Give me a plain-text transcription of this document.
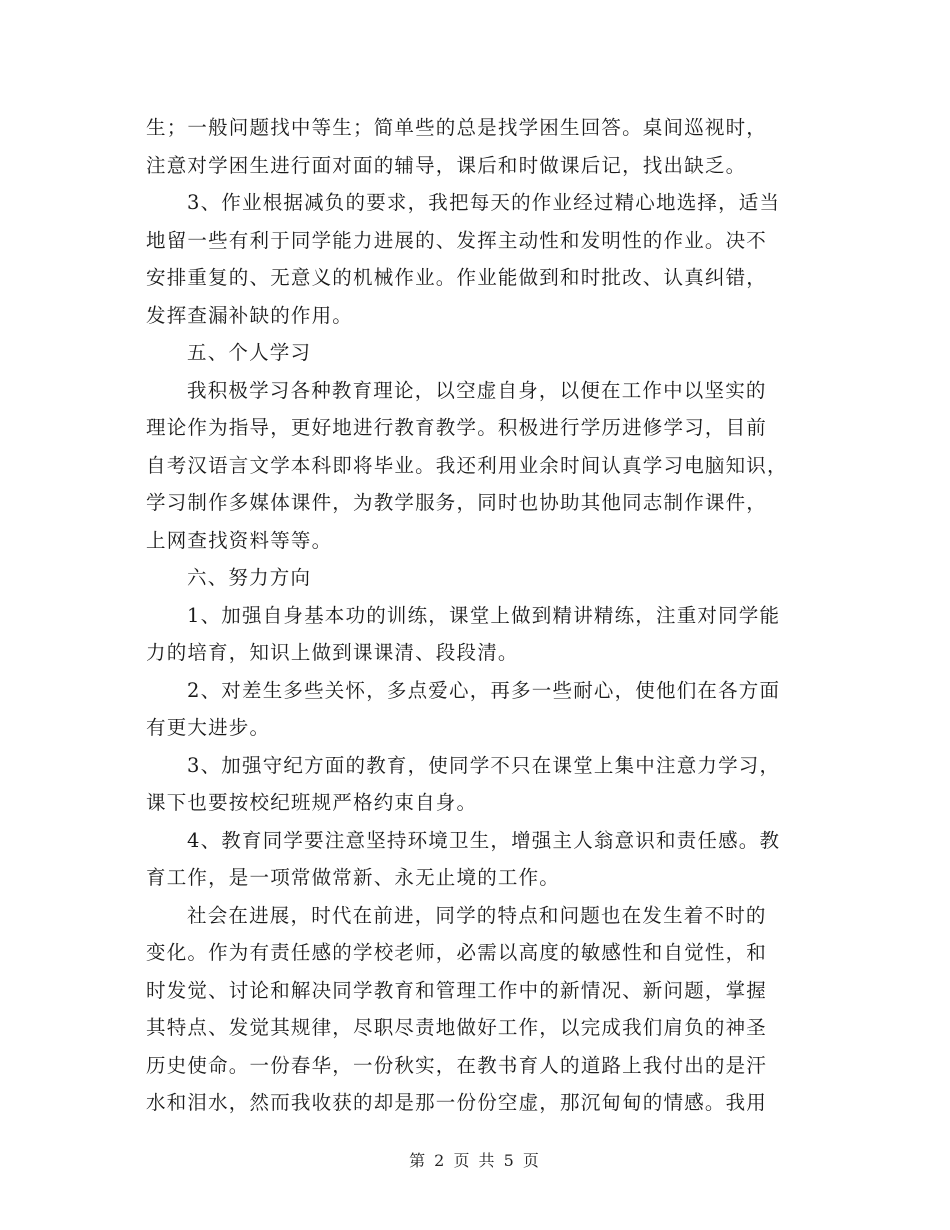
生；一般问题找中等生；简单些的总是找学困生回答。桌间巡视时，
注意对学困生进行面对面的辅导，课后和时做课后记，找出缺乏。
3、作业根据减负的要求，我把每天的作业经过精心地选择，适当
地留一些有利于同学能力进展的、发挥主动性和发明性的作业。决不
安排重复的、无意义的机械作业。作业能做到和时批改、认真纠错，
发挥查漏补缺的作用。
五、个人学习
我积极学习各种教育理论，以空虚自身，以便在工作中以坚实的
理论作为指导，更好地进行教育教学。积极进行学历进修学习，目前
自考汉语言文学本科即将毕业。我还利用业余时间认真学习电脑知识，
学习制作多媒体课件，为教学服务，同时也协助其他同志制作课件，
上网查找资料等等。
六、努力方向
1、加强自身基本功的训练，课堂上做到精讲精练，注重对同学能
力的培育，知识上做到课课清、段段清。
2、对差生多些关怀，多点爱心，再多一些耐心，使他们在各方面
有更大进步。
3、加强守纪方面的教育，使同学不只在课堂上集中注意力学习，
课下也要按校纪班规严格约束自身。
4、教育同学要注意坚持环境卫生，增强主人翁意识和责任感。教
育工作，是一项常做常新、永无止境的工作。
社会在进展，时代在前进，同学的特点和问题也在发生着不时的
变化。作为有责任感的学校老师，必需以高度的敏感性和自觉性，和
时发觉、讨论和解决同学教育和管理工作中的新情况、新问题，掌握
其特点、发觉其规律，尽职尽责地做好工作，以完成我们肩负的神圣
历史使命。一份春华，一份秋实，在教书育人的道路上我付出的是汗
水和泪水，然而我收获的却是那一份份空虚，那沉甸甸的情感。我用
第 2 页 共 5 页
